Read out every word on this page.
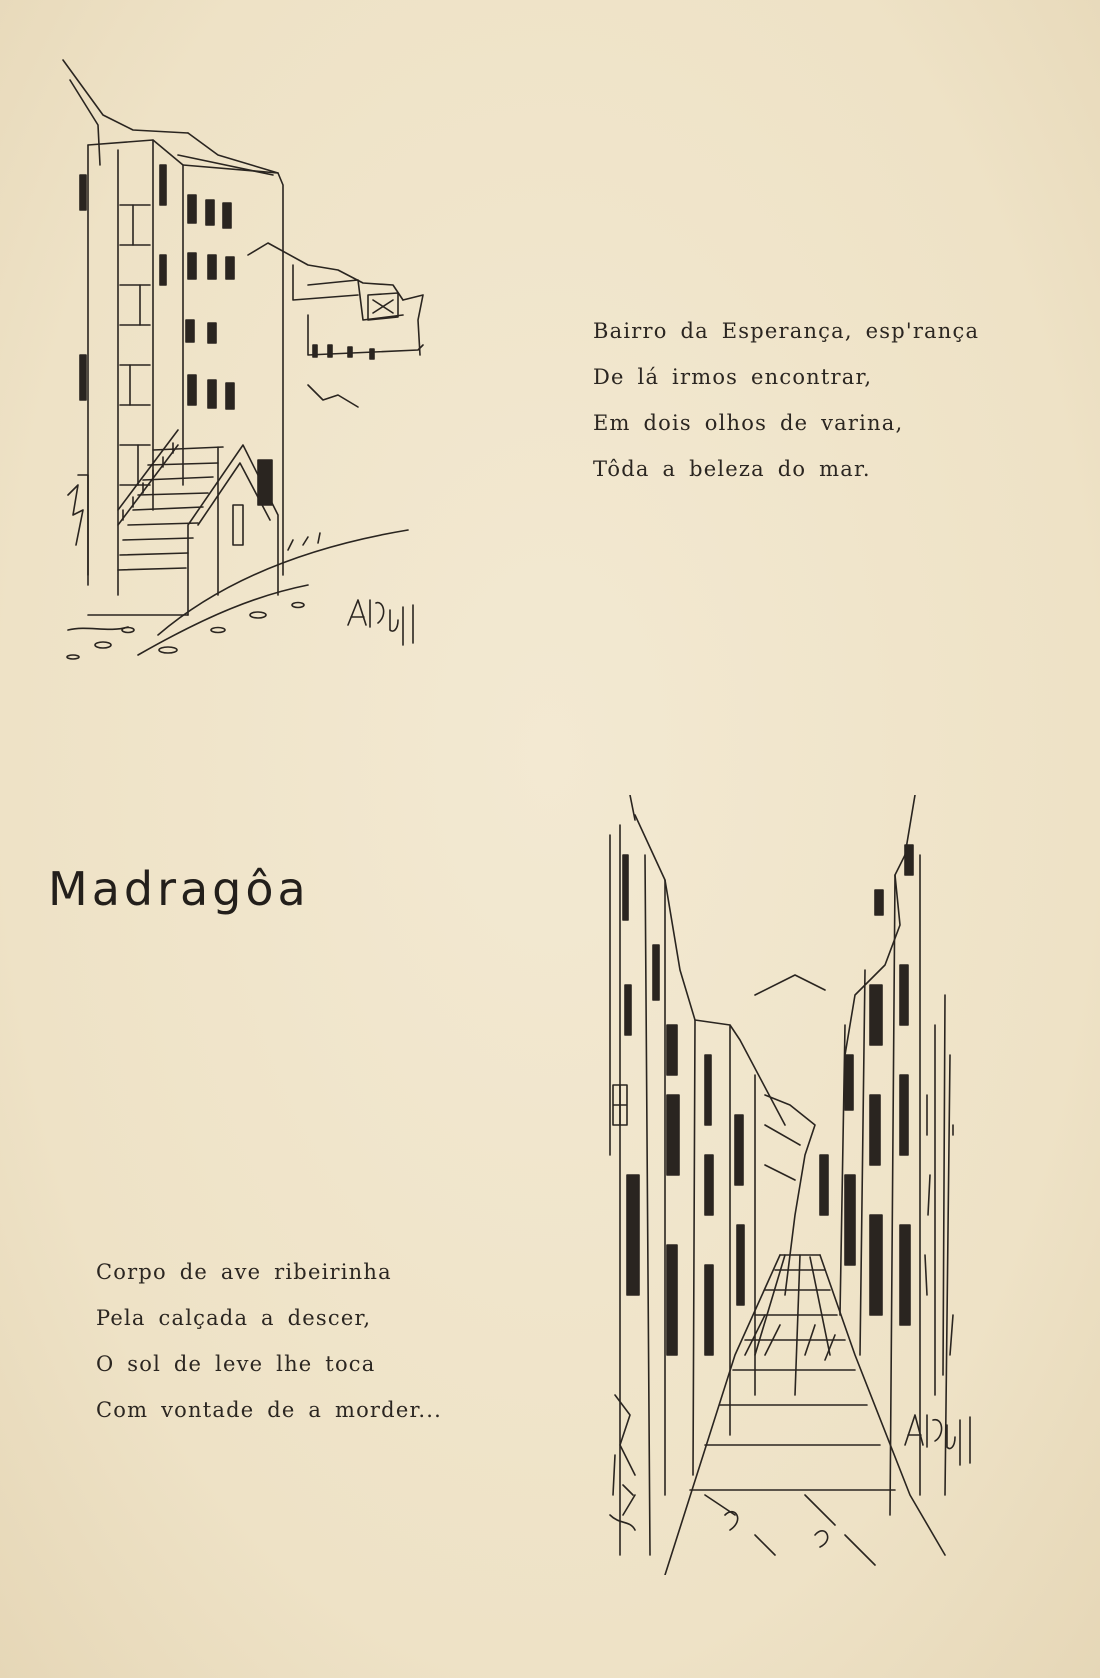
Bairro da Esperança, esp'rança
De lá irmos encontrar,
Em dois olhos de varina,
Tôda a beleza do mar.
Madragôa
Corpo de ave ribeirinha
Pela calçada a descer,
O sol de leve lhe toca
Com vontade de a morder...
